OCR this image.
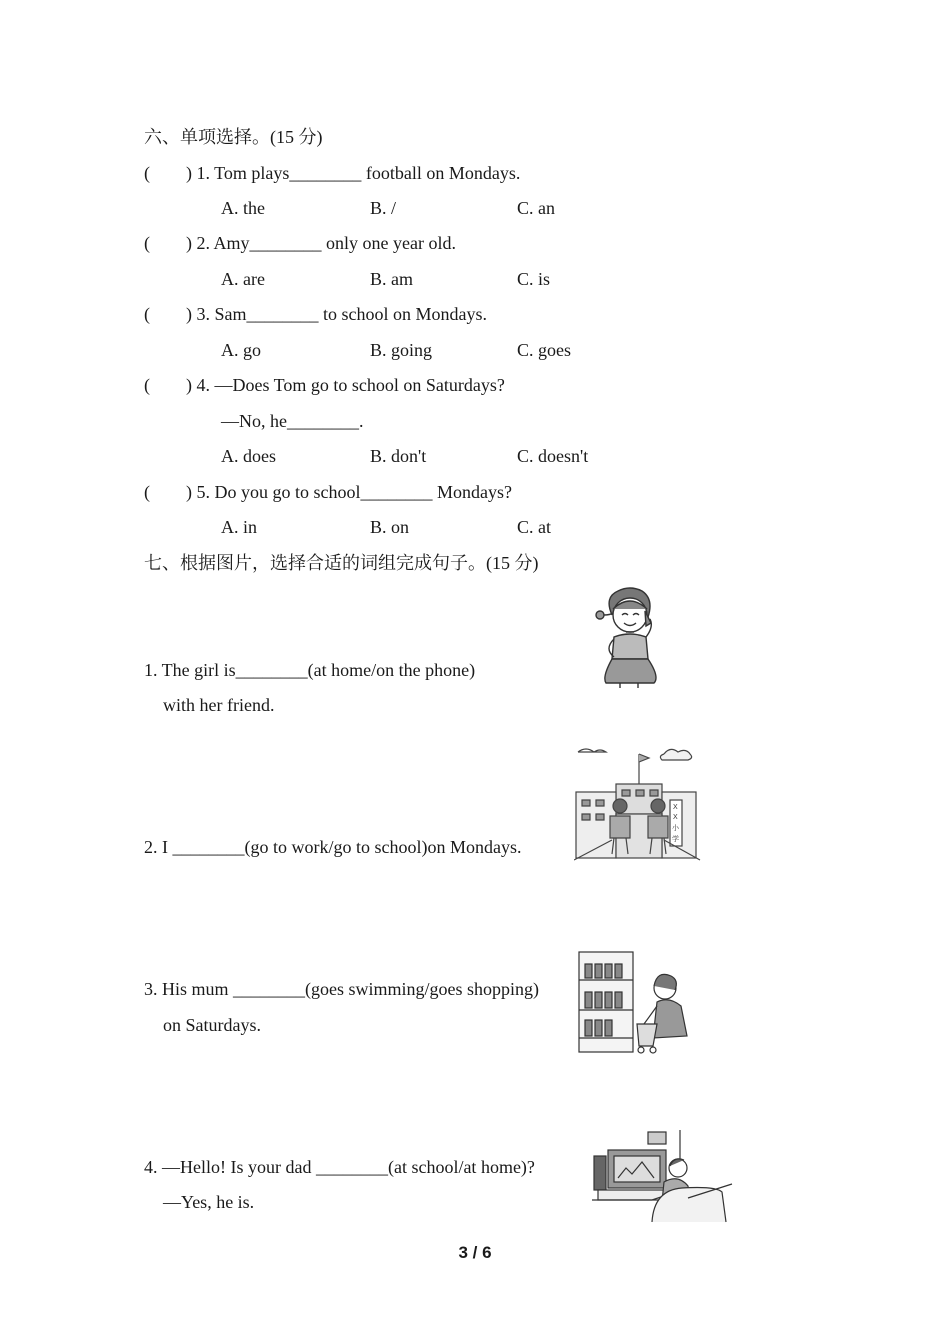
六、单项选择。(15 分)
(        ) 1. Tom plays________ football on Mondays.
A. the	B. /	C. an
(        ) 2. Amy________ only one year old.
A. are	B. am	C. is
(        ) 3. Sam________ to school on Mondays.
A. go	B. going	C. goes
(        ) 4. —Does Tom go to school on Saturdays?
—No, he________.
A. does	B. don't	C. doesn't
(        ) 5. Do you go to school________ Mondays?
A. in	B. on	C. at
七、根据图片，选择合适的词组完成句子。(15 分)
1. The girl is________(at home/on the phone)
with her friend.
2. I ________(go to work/go to school)on Mondays.
3. His mum ________(goes swimming/goes shopping)
on Saturdays.
4. —Hello! Is your dad ________(at school/at home)?
—Yes, he is.
X
X
小
学
3 / 6
